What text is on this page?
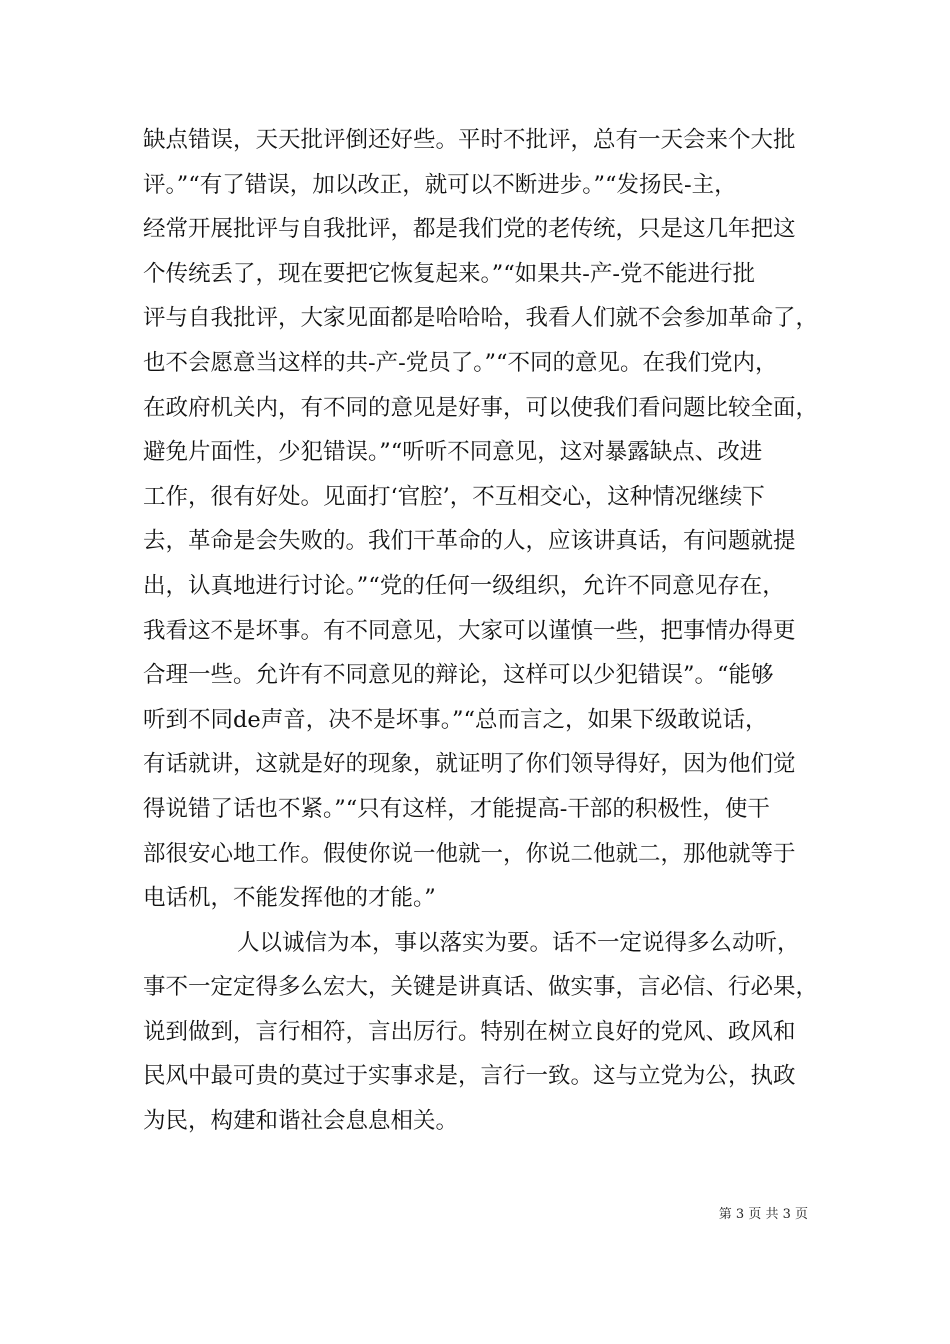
缺点错误，天天批评倒还好些。平时不批评，总有一天会来个大批
评。”“有了错误，加以改正，就可以不断进步。”“发扬民-主，
经常开展批评与自我批评，都是我们党的老传统，只是这几年把这
个传统丢了，现在要把它恢复起来。”“如果共-产-党不能进行批
评与自我批评，大家见面都是哈哈哈，我看人们就不会参加革命了，
也不会愿意当这样的共-产-党员了。”“不同的意见。在我们党内，
在政府机关内，有不同的意见是好事，可以使我们看问题比较全面，
避免片面性，少犯错误。”“听听不同意见，这对暴露缺点、改进
工作，很有好处。见面打‘官腔’，不互相交心，这种情况继续下
去，革命是会失败的。我们干革命的人，应该讲真话，有问题就提
出，认真地进行讨论。”“党的任何一级组织，允许不同意见存在，
我看这不是坏事。有不同意见，大家可以谨慎一些，把事情办得更
合理一些。允许有不同意见的辩论，这样可以少犯错误”。“能够
听到不同de声音，决不是坏事。”“总而言之，如果下级敢说话，
有话就讲，这就是好的现象，就证明了你们领导得好，因为他们觉
得说错了话也不紧。”“只有这样，才能提高-干部的积极性，使干
部很安心地工作。假使你说一他就一，你说二他就二，那他就等于
电话机，不能发挥他的才能。”
人以诚信为本，事以落实为要。话不一定说得多么动听，
事不一定定得多么宏大，关键是讲真话、做实事，言必信、行必果，
说到做到，言行相符，言出厉行。特别在树立良好的党风、政风和
民风中最可贵的莫过于实事求是，言行一致。这与立党为公，执政
为民，构建和谐社会息息相关。
第 3 页 共 3 页
